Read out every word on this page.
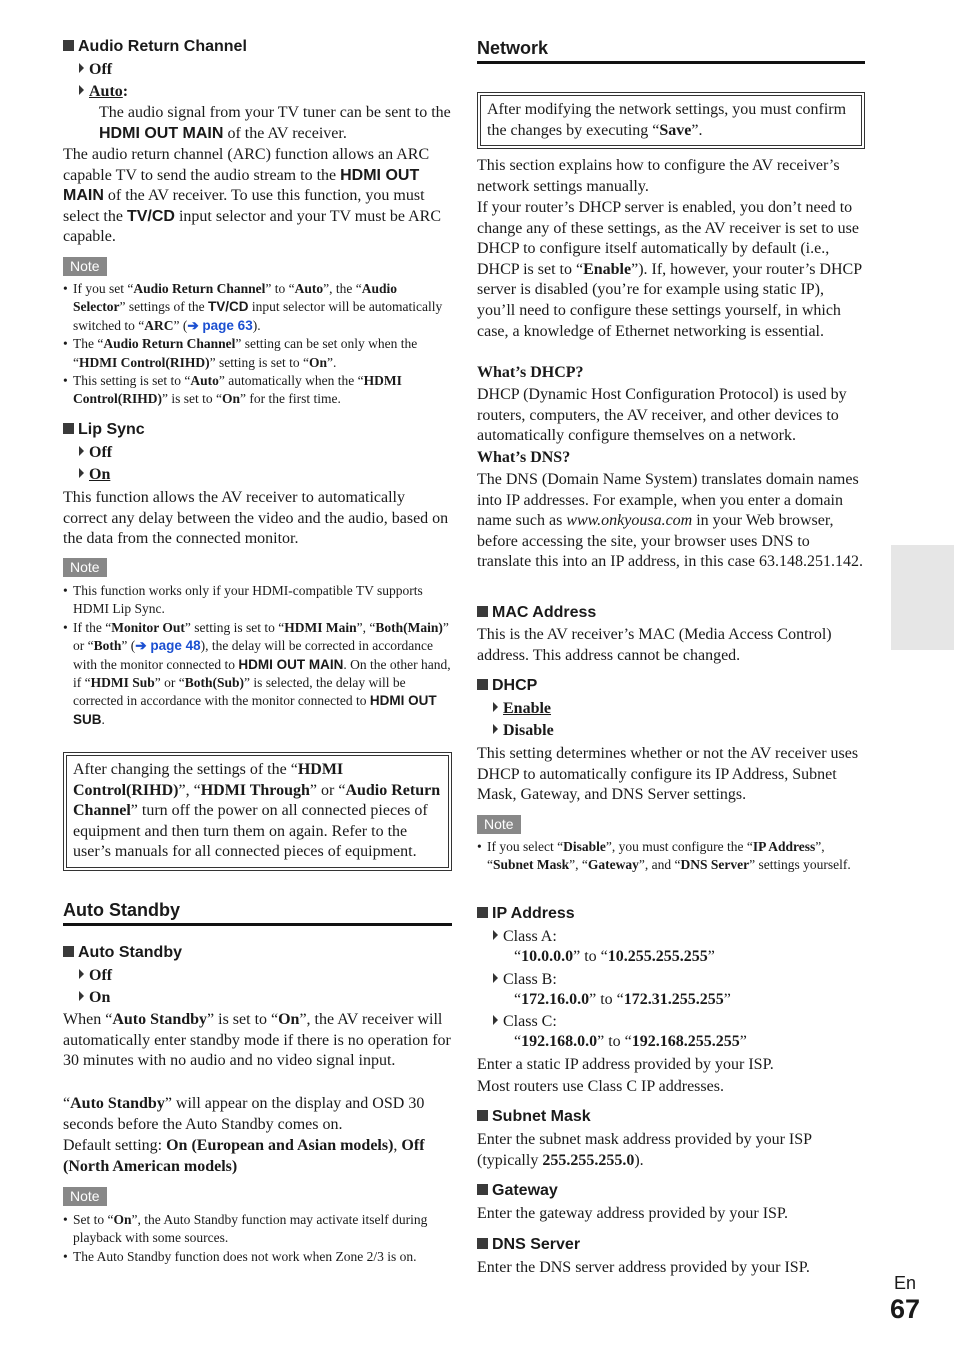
Audio Return Channel
Off
Auto:
The audio signal from your TV tuner can be sent to the HDMI OUT MAIN of the AV receiver.
The audio return channel (ARC) function allows an ARC capable TV to send the audio stream to the HDMI OUT MAIN of the AV receiver. To use this function, you must select the TV/CD input selector and your TV must be ARC capable.
Note
• If you set “Audio Return Channel” to “Auto”, the “Audio Selector” settings of the TV/CD input selector will be automatically switched to “ARC” (➔ page 63).
• The “Audio Return Channel” setting can be set only when the “HDMI Control(RIHD)” setting is set to “On”.
• This setting is set to “Auto” automatically when the “HDMI Control(RIHD)” is set to “On” for the first time.
Lip Sync
Off
On
This function allows the AV receiver to automatically correct any delay between the video and the audio, based on the data from the connected monitor.
Note
• This function works only if your HDMI-compatible TV supports HDMI Lip Sync.
• If the “Monitor Out” setting is set to “HDMI Main”, “Both(Main)” or “Both” (➔ page 48), the delay will be corrected in accordance with the monitor connected to HDMI OUT MAIN. On the other hand, if “HDMI Sub” or “Both(Sub)” is selected, the delay will be corrected in accordance with the monitor connected to HDMI OUT SUB.
After changing the settings of the “HDMI Control(RIHD)”, “HDMI Through” or “Audio Return Channel” turn off the power on all connected pieces of equipment and then turn them on again. Refer to the user’s manuals for all connected pieces of equipment.
Auto Standby
Auto Standby
Off
On
When “Auto Standby” is set to “On”, the AV receiver will automatically enter standby mode if there is no operation for 30 minutes with no audio and no video signal input.
“Auto Standby” will appear on the display and OSD 30 seconds before the Auto Standby comes on.
Default setting: On (European and Asian models), Off (North American models)
Note
• Set to “On”, the Auto Standby function may activate itself during playback with some sources.
• The Auto Standby function does not work when Zone 2/3 is on.
Network
After modifying the network settings, you must confirm the changes by executing “Save”.
This section explains how to configure the AV receiver’s network settings manually.
If your router’s DHCP server is enabled, you don’t need to change any of these settings, as the AV receiver is set to use DHCP to configure itself automatically by default (i.e., DHCP is set to “Enable”). If, however, your router’s DHCP server is disabled (you’re for example using static IP), you’ll need to configure these settings yourself, in which case, a knowledge of Ethernet networking is essential.
What’s DHCP?
DHCP (Dynamic Host Configuration Protocol) is used by routers, computers, the AV receiver, and other devices to automatically configure themselves on a network.
What’s DNS?
The DNS (Domain Name System) translates domain names into IP addresses. For example, when you enter a domain name such as www.onkyousa.com in your Web browser, before accessing the site, your browser uses DNS to translate this into an IP address, in this case 63.148.251.142.
MAC Address
This is the AV receiver’s MAC (Media Access Control) address. This address cannot be changed.
DHCP
Enable
Disable
This setting determines whether or not the AV receiver uses DHCP to automatically configure its IP Address, Subnet Mask, Gateway, and DNS Server settings.
Note
• If you select “Disable”, you must configure the “IP Address”, “Subnet Mask”, “Gateway”, and “DNS Server” settings yourself.
IP Address
Class A:
“10.0.0.0” to “10.255.255.255”
Class B:
“172.16.0.0” to “172.31.255.255”
Class C:
“192.168.0.0” to “192.168.255.255”
Enter a static IP address provided by your ISP.
Most routers use Class C IP addresses.
Subnet Mask
Enter the subnet mask address provided by your ISP (typically 255.255.255.0).
Gateway
Enter the gateway address provided by your ISP.
DNS Server
Enter the DNS server address provided by your ISP.
En
67
